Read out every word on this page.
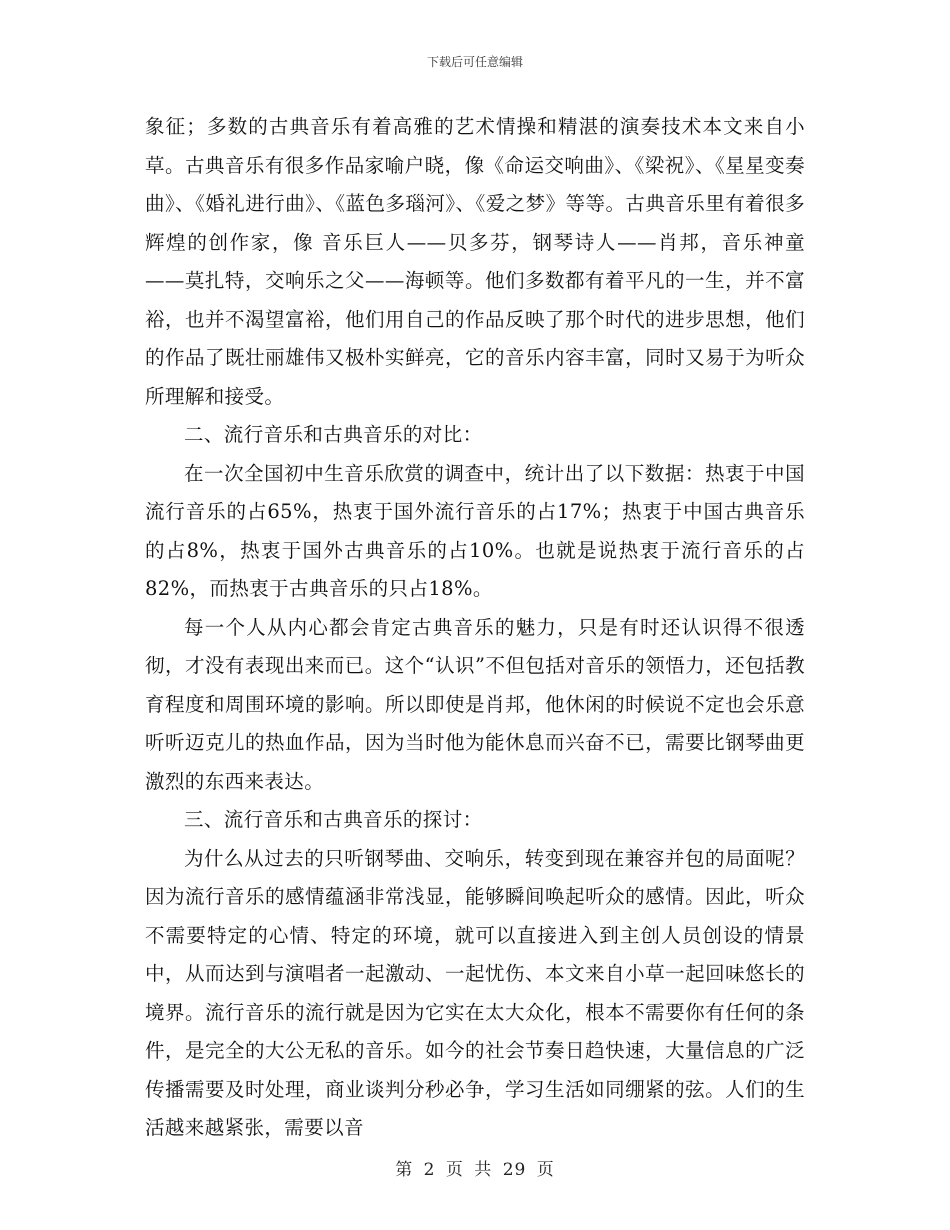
下载后可任意编辑

象征；多数的古典音乐有着高雅的艺术情操和精湛的演奏技术本文来自小草。古典音乐有很多作品家喻户晓，像《命运交响曲》、《梁祝》、《星星变奏曲》、《婚礼进行曲》、《蓝色多瑙河》、《爱之梦》等等。古典音乐里有着很多辉煌的创作家，像 音乐巨人——贝多芬，钢琴诗人——肖邦，音乐神童——莫扎特，交响乐之父——海顿等。他们多数都有着平凡的一生，并不富裕，也并不渴望富裕，他们用自己的作品反映了那个时代的进步思想，他们的作品了既壮丽雄伟又极朴实鲜亮，它的音乐内容丰富，同时又易于为听众所理解和接受。

二、流行音乐和古典音乐的对比：

在一次全国初中生音乐欣赏的调查中，统计出了以下数据：热衷于中国流行音乐的占65%，热衷于国外流行音乐的占17%；热衷于中国古典音乐的占8%，热衷于国外古典音乐的占10%。也就是说热衷于流行音乐的占82%，而热衷于古典音乐的只占18%。

每一个人从内心都会肯定古典音乐的魅力，只是有时还认识得不很透彻，才没有表现出来而已。这个“认识”不但包括对音乐的领悟力，还包括教育程度和周围环境的影响。所以即使是肖邦，他休闲的时候说不定也会乐意听听迈克儿的热血作品，因为当时他为能休息而兴奋不已，需要比钢琴曲更激烈的东西来表达。

三、流行音乐和古典音乐的探讨：

为什么从过去的只听钢琴曲、交响乐，转变到现在兼容并包的局面呢？因为流行音乐的感情蕴涵非常浅显，能够瞬间唤起听众的感情。因此，听众不需要特定的心情、特定的环境，就可以直接进入到主创人员创设的情景中，从而达到与演唱者一起激动、一起忧伤、本文来自小草一起回味悠长的境界。流行音乐的流行就是因为它实在太大众化，根本不需要你有任何的条件，是完全的大公无私的音乐。如今的社会节奏日趋快速，大量信息的广泛传播需要及时处理，商业谈判分秒必争，学习生活如同绷紧的弦。人们的生活越来越紧张，需要以音

第 2 页 共 29 页
